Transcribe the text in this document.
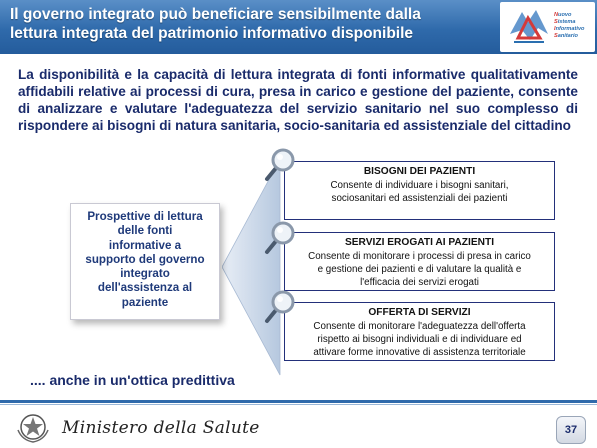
Il governo integrato può beneficiare sensibilmente dalla lettura integrata del patrimonio informativo disponibile
Nuovo
Sistema
Informativo
Sanitario
La disponibilità e la capacità di lettura integrata di fonti informative qualitativamente affidabili relative ai processi di cura, presa in carico e gestione del paziente, consente di analizzare e valutare l'adeguatezza del servizio sanitario nel suo complesso di rispondere ai bisogni di natura sanitaria, socio-sanitaria ed assistenziale del cittadino
Prospettive di lettura
delle fonti
informative a
supporto del governo
integrato
dell'assistenza al
paziente
BISOGNI DEI PAZIENTI
Consente di individuare i bisogni sanitari,
sociosanitari ed assistenziali dei pazienti
SERVIZI EROGATI AI PAZIENTI
Consente di monitorare i processi di presa in carico
e gestione dei pazienti e di valutare la qualità e
l'efficacia dei servizi erogati
OFFERTA DI SERVIZI
Consente di monitorare l'adeguatezza dell'offerta
rispetto ai bisogni individuali e di individuare ed
attivare forme innovative di assistenza territoriale
.... anche in un'ottica predittiva
Ministero della Salute	37
